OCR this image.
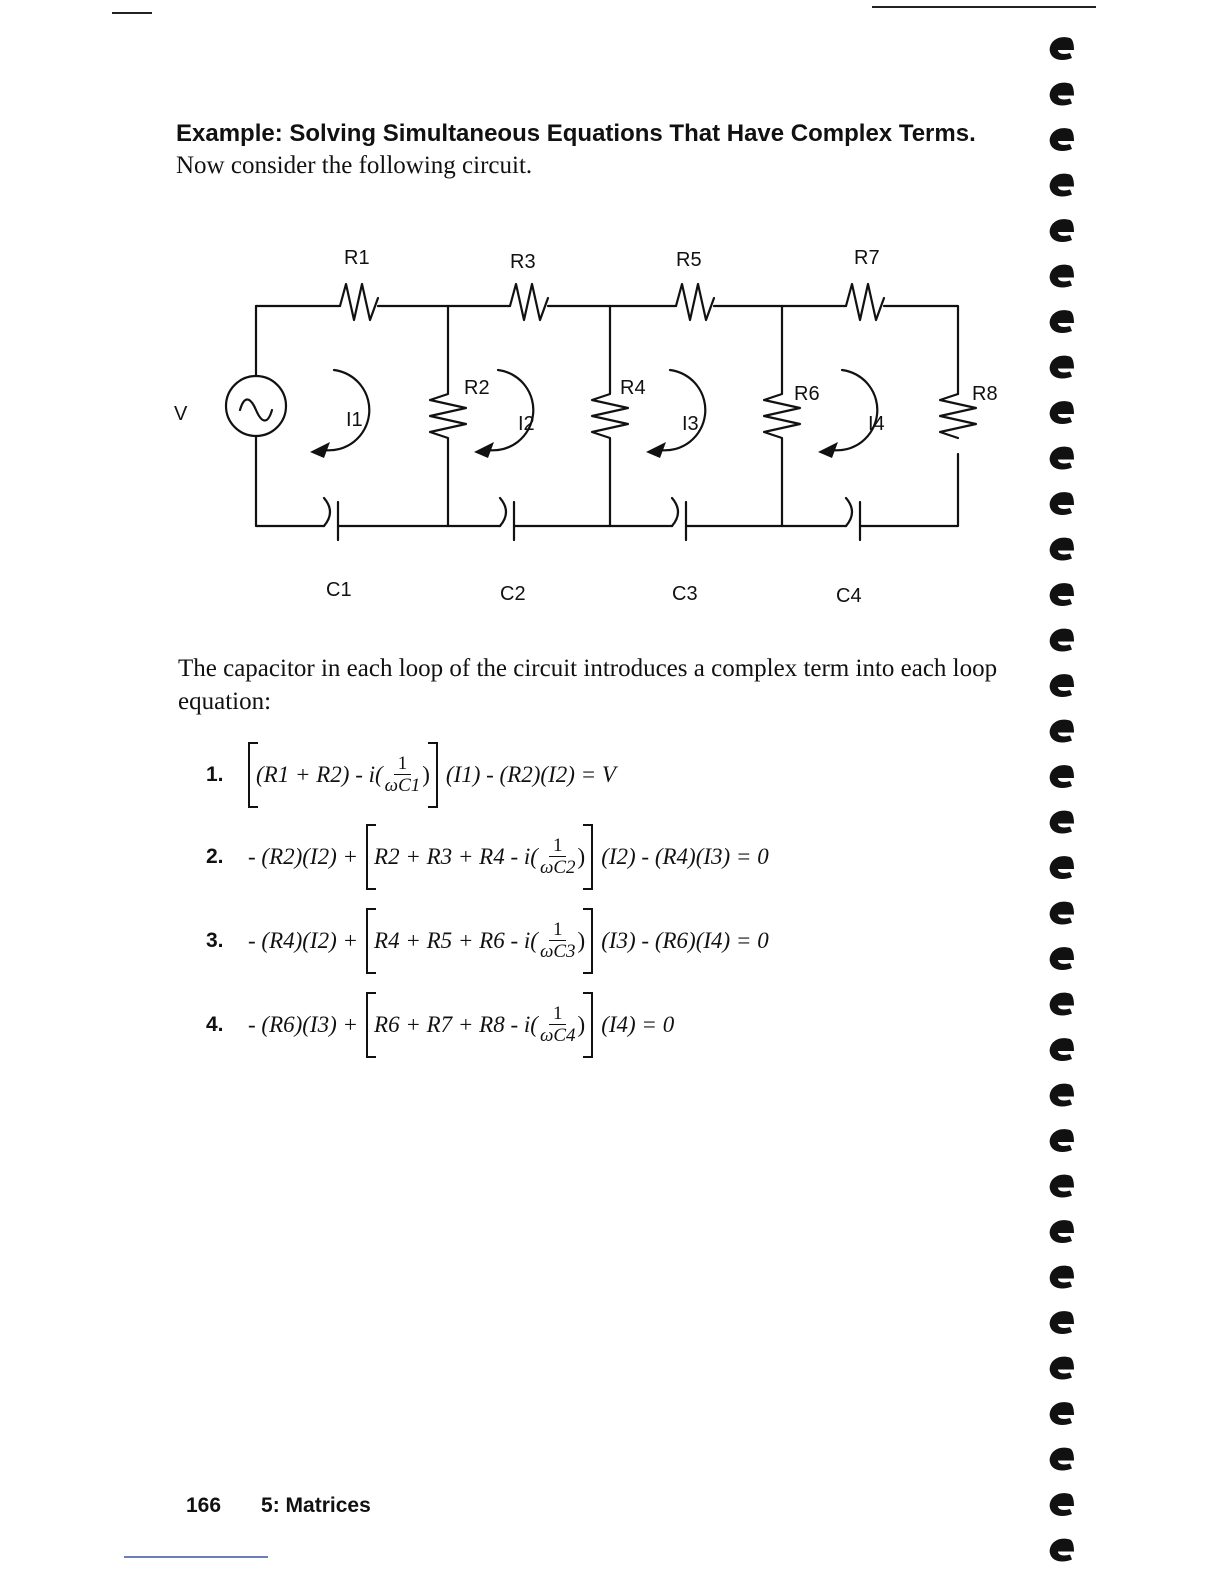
Example: Solving Simultaneous Equations That Have Complex Terms. Now consider the following circuit.
V
R1	R3	R5	R7
R2	R4	R6	R8
I1	I2	I3	I4
C1	C2	C3	C4
The capacitor in each loop of the circuit introduces a complex term into each loop equation:
1.	$(R1 + R2) - i( \frac{1}{\omega C1}$ ) (I1) - (R2)(I2) = V
2.	- $(R2)(I2) + R2 + R3 + R4 - i( \frac{1}{\omega C2}$ ) (I2) - (R4)(I3) = 0
3.	- $(R4)(I2) + R4 + R5 + R6 - i( \frac{1}{\omega C3}$ ) (I3) - (R6)(I4) = 0
4.	- $(R6)(I3) + R6 + R7 + R8 - i( \frac{1}{\omega C4}$ ) (I4) = 0
166 5: Matrices
